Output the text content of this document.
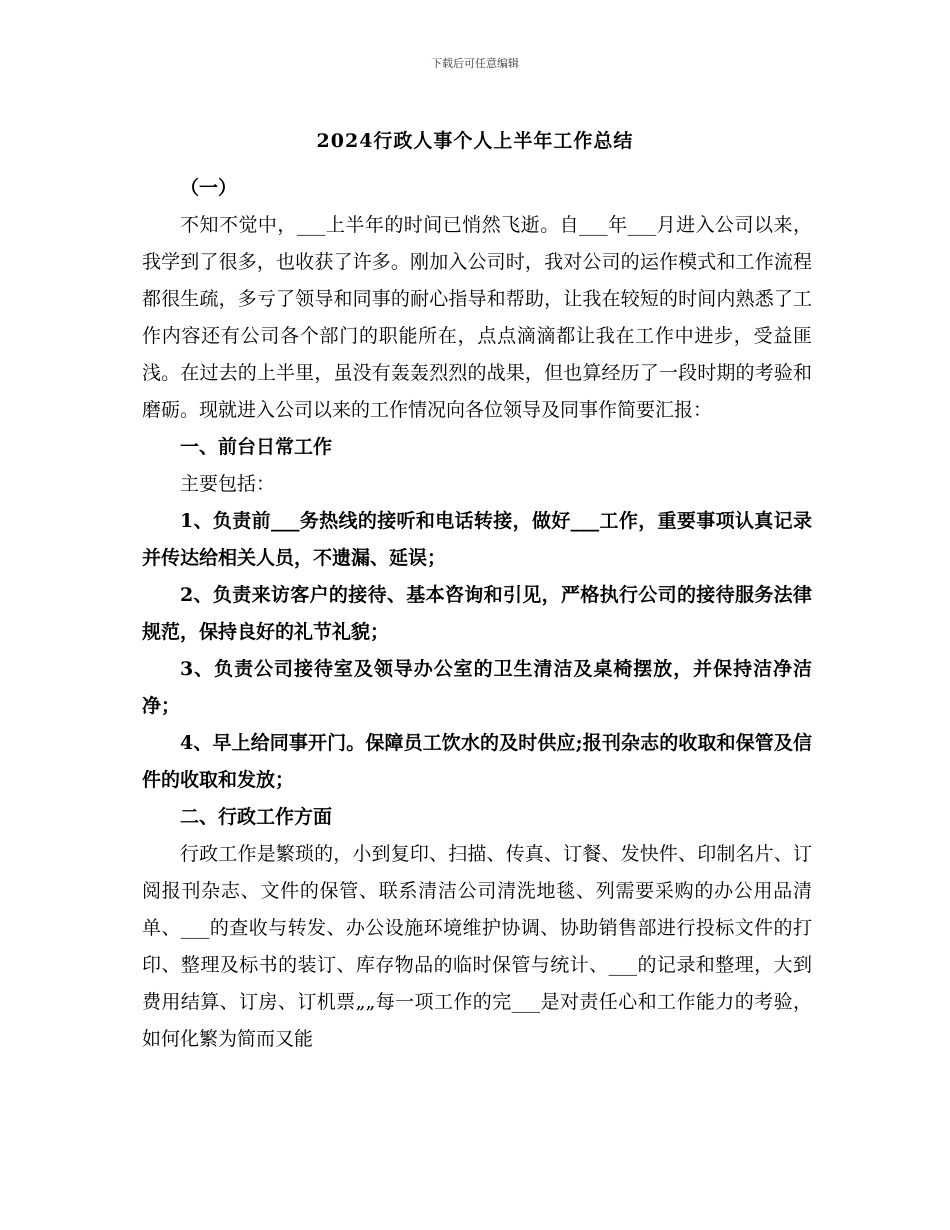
下载后可任意编辑
2024行政人事个人上半年工作总结

（一）

不知不觉中，___上半年的时间已悄然飞逝。自___年___月进入公司以来，我学到了很多，也收获了许多。刚加入公司时，我对公司的运作模式和工作流程都很生疏，多亏了领导和同事的耐心指导和帮助，让我在较短的时间内熟悉了工作内容还有公司各个部门的职能所在，点点滴滴都让我在工作中进步，受益匪浅。在过去的上半里，虽没有轰轰烈烈的战果，但也算经历了一段时期的考验和磨砺。现就进入公司以来的工作情况向各位领导及同事作简要汇报：

一、前台日常工作

主要包括：

1、负责前___务热线的接听和电话转接，做好___工作，重要事项认真记录并传达给相关人员，不遗漏、延误；

2、负责来访客户的接待、基本咨询和引见，严格执行公司的接待服务法律规范，保持良好的礼节礼貌；

3、负责公司接待室及领导办公室的卫生清洁及桌椅摆放，并保持洁净洁净；

4、早上给同事开门。保障员工饮水的及时供应;报刊杂志的收取和保管及信件的收取和发放；

二、行政工作方面

行政工作是繁琐的，小到复印、扫描、传真、订餐、发快件、印制名片、订阅报刊杂志、文件的保管、联系清洁公司清洗地毯、列需要采购的办公用品清单、___的查收与转发、办公设施环境维护协调、协助销售部进行投标文件的打印、整理及标书的装订、库存物品的临时保管与统计、___的记录和整理，大到费用结算、订房、订机票„„每一项工作的完___是对责任心和工作能力的考验，如何化繁为简而又能
